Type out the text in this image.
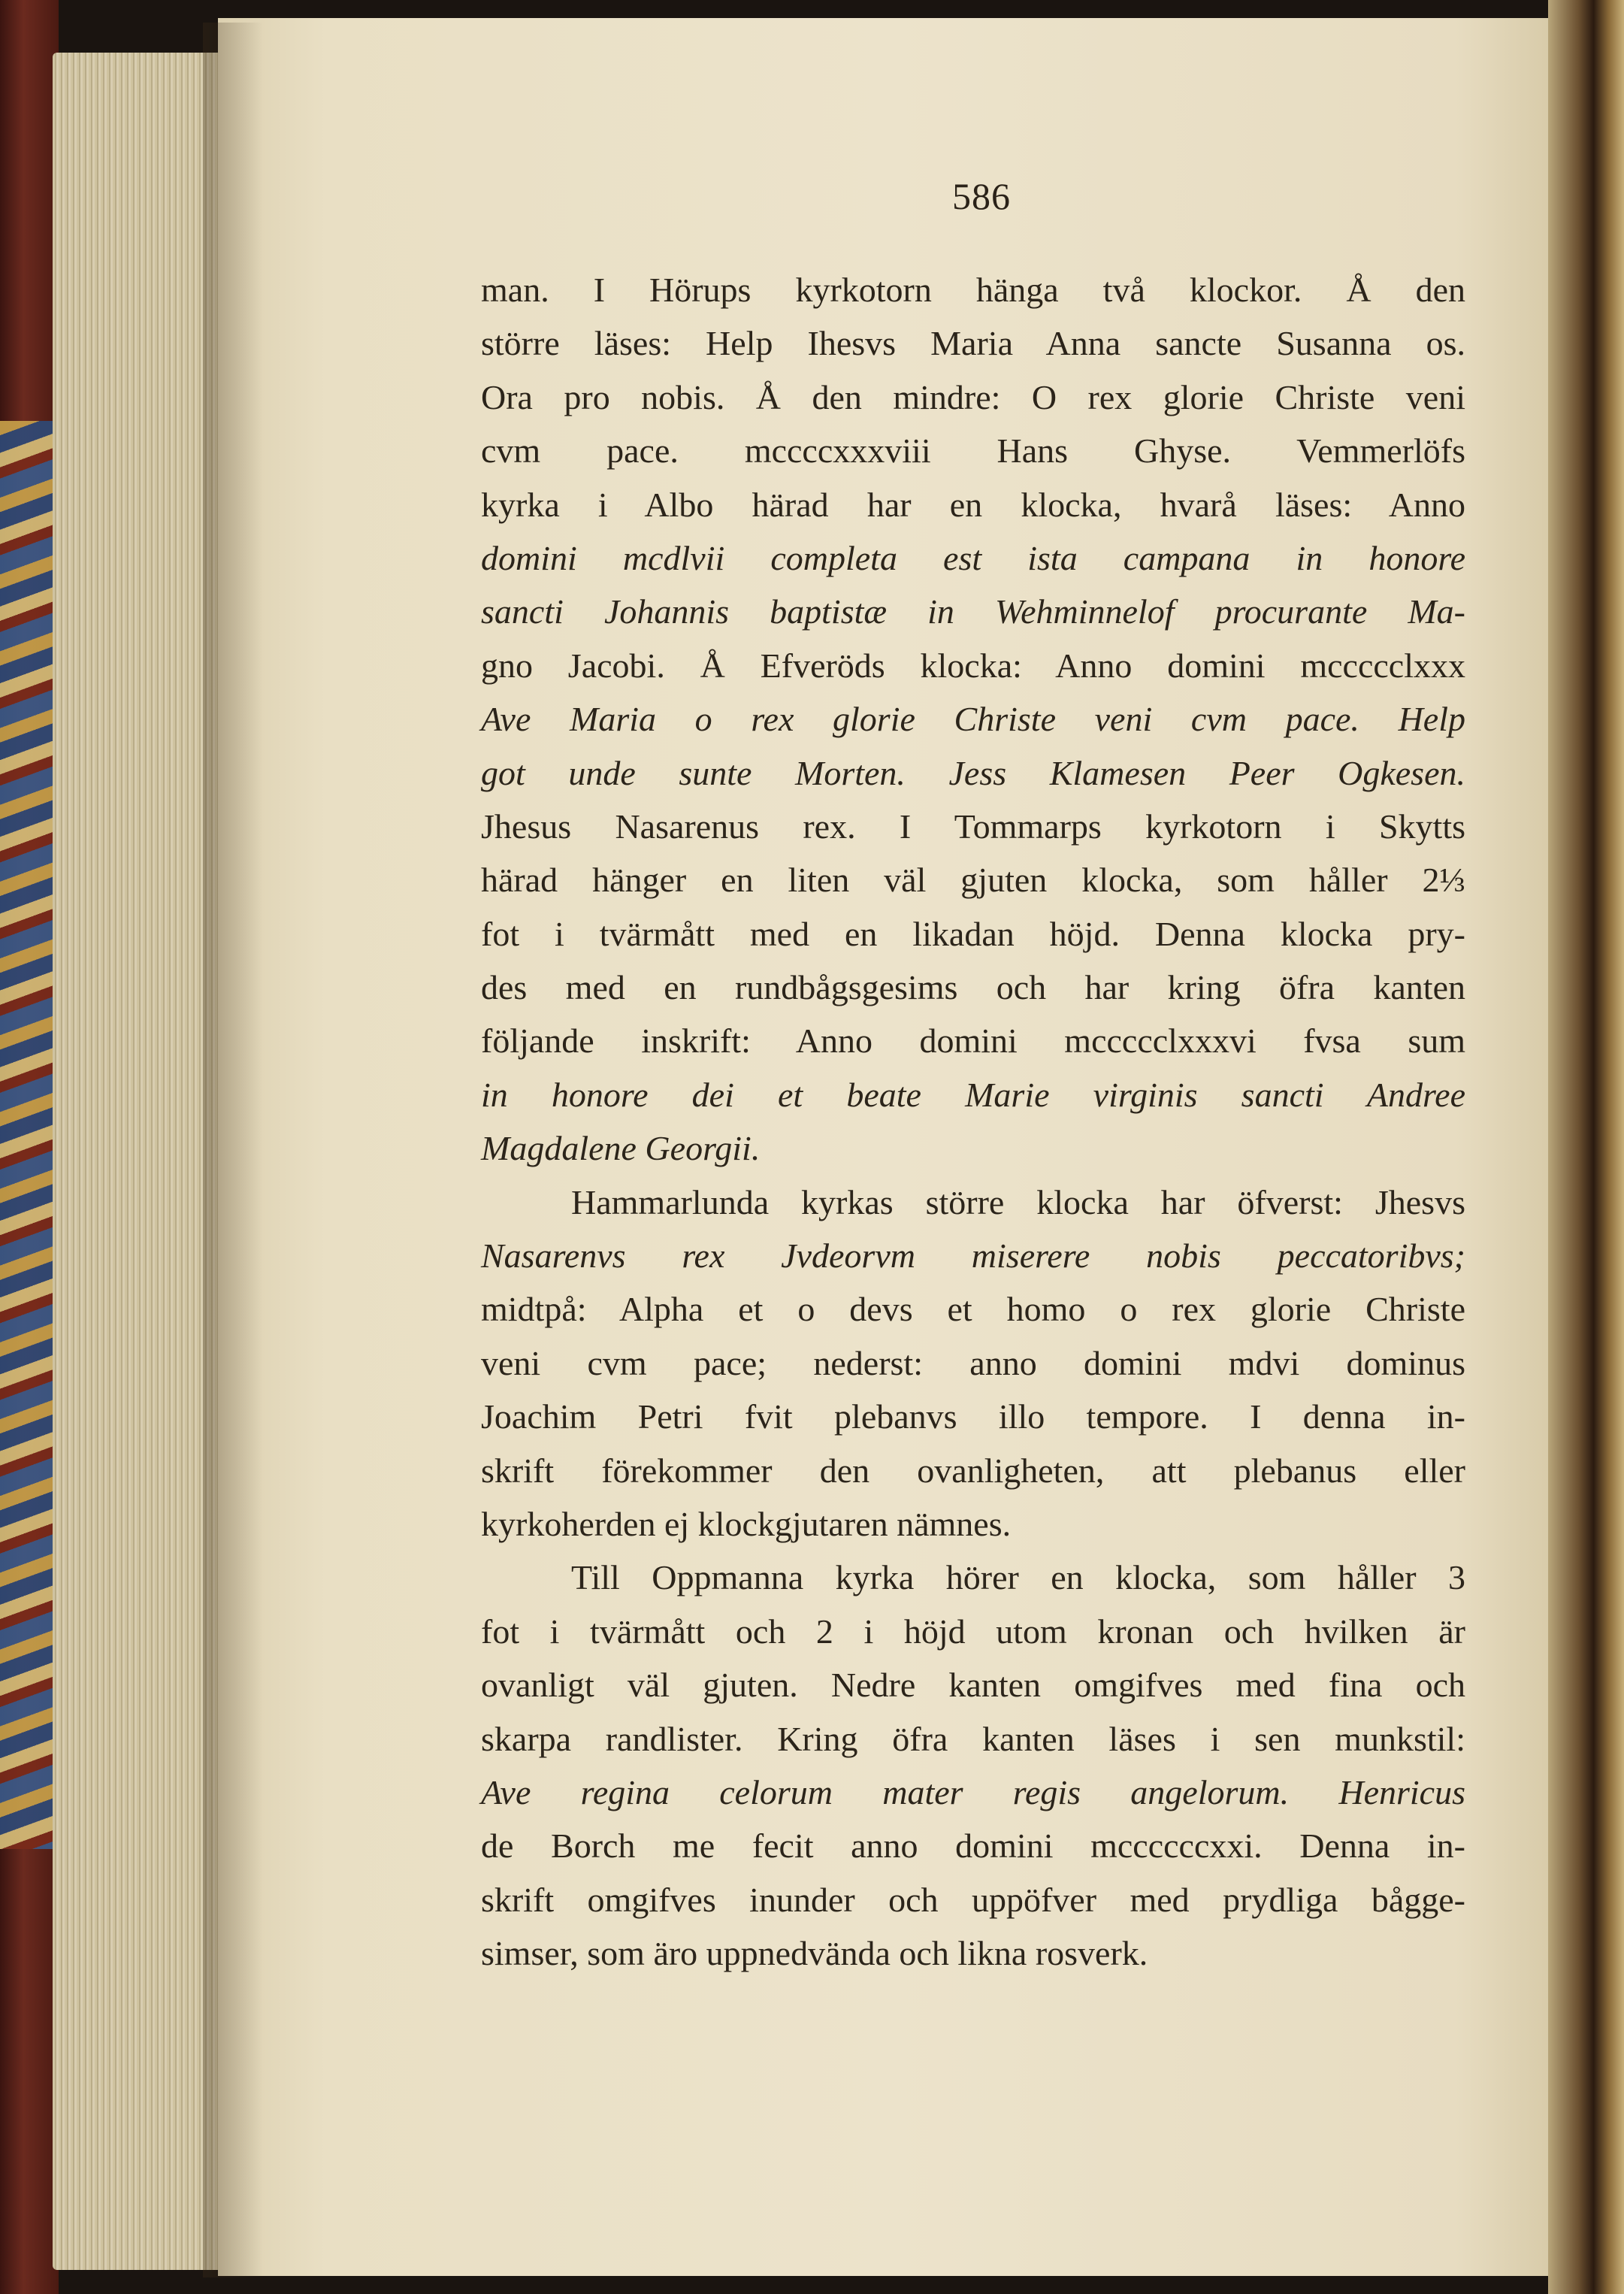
586
man. I Hörups kyrkotorn hänga två klockor. Å den
större läses: Help Ihesvs Maria Anna sancte Susanna os.
Ora pro nobis. Å den mindre: O rex glorie Christe veni
cvm pace. mccccxxxviii Hans Ghyse. Vemmerlöfs
kyrka i Albo härad har en klocka, hvarå läses: Anno
domini mcdlvii completa est ista campana in honore
sancti Johannis baptistæ in Wehminnelof procurante Ma-
gno Jacobi. Å Efveröds klocka: Anno domini mccccclxxx
Ave Maria o rex glorie Christe veni cvm pace. Help
got unde sunte Morten. Jess Klamesen Peer Ogkesen.
Jhesus Nasarenus rex. I Tommarps kyrkotorn i Skytts
härad hänger en liten väl gjuten klocka, som håller 2⅓
fot i tvärmått med en likadan höjd. Denna klocka pry-
des med en rundbågsgesims och har kring öfra kanten
följande inskrift: Anno domini mccccclxxxvi fvsa sum
in honore dei et beate Marie virginis sancti Andree
Magdalene Georgii.
Hammarlunda kyrkas större klocka har öfverst: Jhesvs
Nasarenvs rex Jvdeorvm miserere nobis peccatoribvs;
midtpå: Alpha et o devs et homo o rex glorie Christe
veni cvm pace; nederst: anno domini mdvi dominus
Joachim Petri fvit plebanvs illo tempore. I denna in-
skrift förekommer den ovanligheten, att plebanus eller
kyrkoherden ej klockgjutaren nämnes.
Till Oppmanna kyrka hörer en klocka, som håller 3
fot i tvärmått och 2 i höjd utom kronan och hvilken är
ovanligt väl gjuten. Nedre kanten omgifves med fina och
skarpa randlister. Kring öfra kanten läses i sen munkstil:
Ave regina celorum mater regis angelorum. Henricus
de Borch me fecit anno domini mccccccxxi. Denna in-
skrift omgifves inunder och uppöfver med prydliga bågge-
simser, som äro uppnedvända och likna rosverk.
